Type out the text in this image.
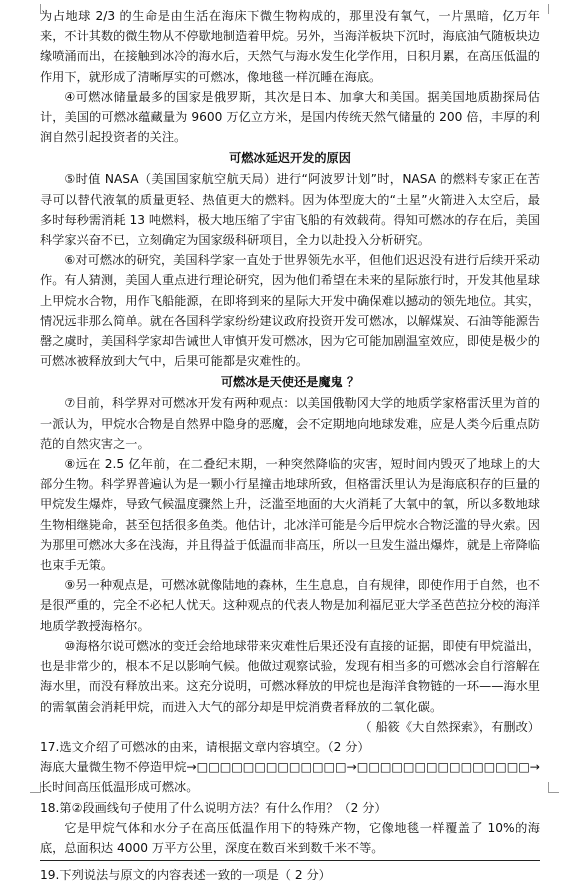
为占地球 2/3 的生命是由生活在海床下微生物构成的，那里没有氧气，一片黑暗，亿万年来，不计其数的微生物从不停歇地制造着甲烷。另外，当海洋板块下沉时，海底油气随板块边缘喷涌而出，在接触到冰冷的海水后，天然气与海水发生化学作用，日积月累，在高压低温的作用下，就形成了清晰厚实的可燃冰，像地毯一样沉睡在海底。

④可燃冰储量最多的国家是俄罗斯，其次是日本、加拿大和美国。据美国地质勘探局估计，美国的可燃冰蕴藏量为 9600 万亿立方米，是国内传统天然气储量的 200 倍，丰厚的利润自然引起投资者的关注。

可燃冰延迟开发的原因

⑤时值 NASA（美国国家航空航天局）进行“阿波罗计划”时，NASA 的燃料专家正在苦寻可以替代液氧的质量更轻、热值更大的燃料。因为体型庞大的“土星”火箭进入太空后，最多时每秒需消耗 13 吨燃料，极大地压缩了宇宙飞船的有效载荷。得知可燃冰的存在后，美国科学家兴奋不已，立刻确定为国家级科研项目，全力以赴投入分析研究。

⑥对可燃冰的研究，美国科学家一直处于世界领先水平，但他们迟迟没有进行后续开采动作。有人猜测，美国人重点进行理论研究，因为他们希望在未来的星际旅行时，开发其他星球上甲烷水合物，用作飞船能源，在即将到来的星际大开发中确保难以撼动的领先地位。其实，情况远非那么简单。就在各国科学家纷纷建议政府投资开发可燃冰，以解煤炭、石油等能源告罄之虞时，美国科学家却告诫世人审慎开发可燃冰，因为它可能加剧温室效应，即使是极少的可燃冰被释放到大气中，后果可能都是灾难性的。

可燃冰是天使还是魔鬼 ？

⑦目前，科学界对可燃冰开发有两种观点：以美国俄勒冈大学的地质学家格雷沃里为首的一派认为，甲烷水合物是自然界中隐身的恶魔，会不定期地向地球发难，应是人类今后重点防范的自然灾害之一。

⑧远在 2.5 亿年前，在二叠纪末期，一种突然降临的灾害，短时间内毁灭了地球上的大部分生物。科学界普遍认为是一颗小行星撞击地球所致，但格雷沃里认为是海底积存的巨量的甲烷发生爆炸，导致气候温度骤然上升，泛滥至地面的大火消耗了大氧中的氧，所以多数地球生物相继毙命，甚至包括很多鱼类。他估计，北冰洋可能是今后甲烷水合物泛滥的导火索。因为那里可燃冰大多在浅海，并且得益于低温而非高压，所以一旦发生溢出爆炸，就是上帝降临也束手无策。

⑨另一种观点是，可燃冰就像陆地的森林，生生息息，自有规律，即使作用于自然，也不是很严重的，完全不必杞人忧天。这种观点的代表人物是加利福尼亚大学圣芭芭拉分校的海洋地质学教授海格尔。

⑩海格尔说可燃冰的变迁会给地球带来灾难性后果还没有直接的证据，即使有甲烷溢出，也是非常少的，根本不足以影响气候。他做过观察试验，发现有相当多的可燃冰会自行溶解在海水里，而没有释放出来。这充分说明，可燃冰释放的甲烷也是海洋食物链的一环——海水里的需氧菌会消耗甲烷，而进入大气的部分却是甲烷消费者释放的二氧化碳。

（ 船筱《大自然探索》，有删改）

17.选文介绍了可燃冰的由来，请根据文章内容填空。（2 分）

海底大量微生物不停造甲烷→□□□□□□□□□□□□□→□□□□□□□□□□□□□□□→长时间高压低温形成可燃冰。

18.第②段画线句子使用了什么说明方法？有什么作用？（2 分）

它是甲烷气体和水分子在高压低温作用下的特殊产物，它像地毯一样覆盖了 10%的海底，总面积达 4000 万平方公里，深度在数百米到数千米不等。

19.下列说法与原文的内容表述一致的一项是（ 2 分）
